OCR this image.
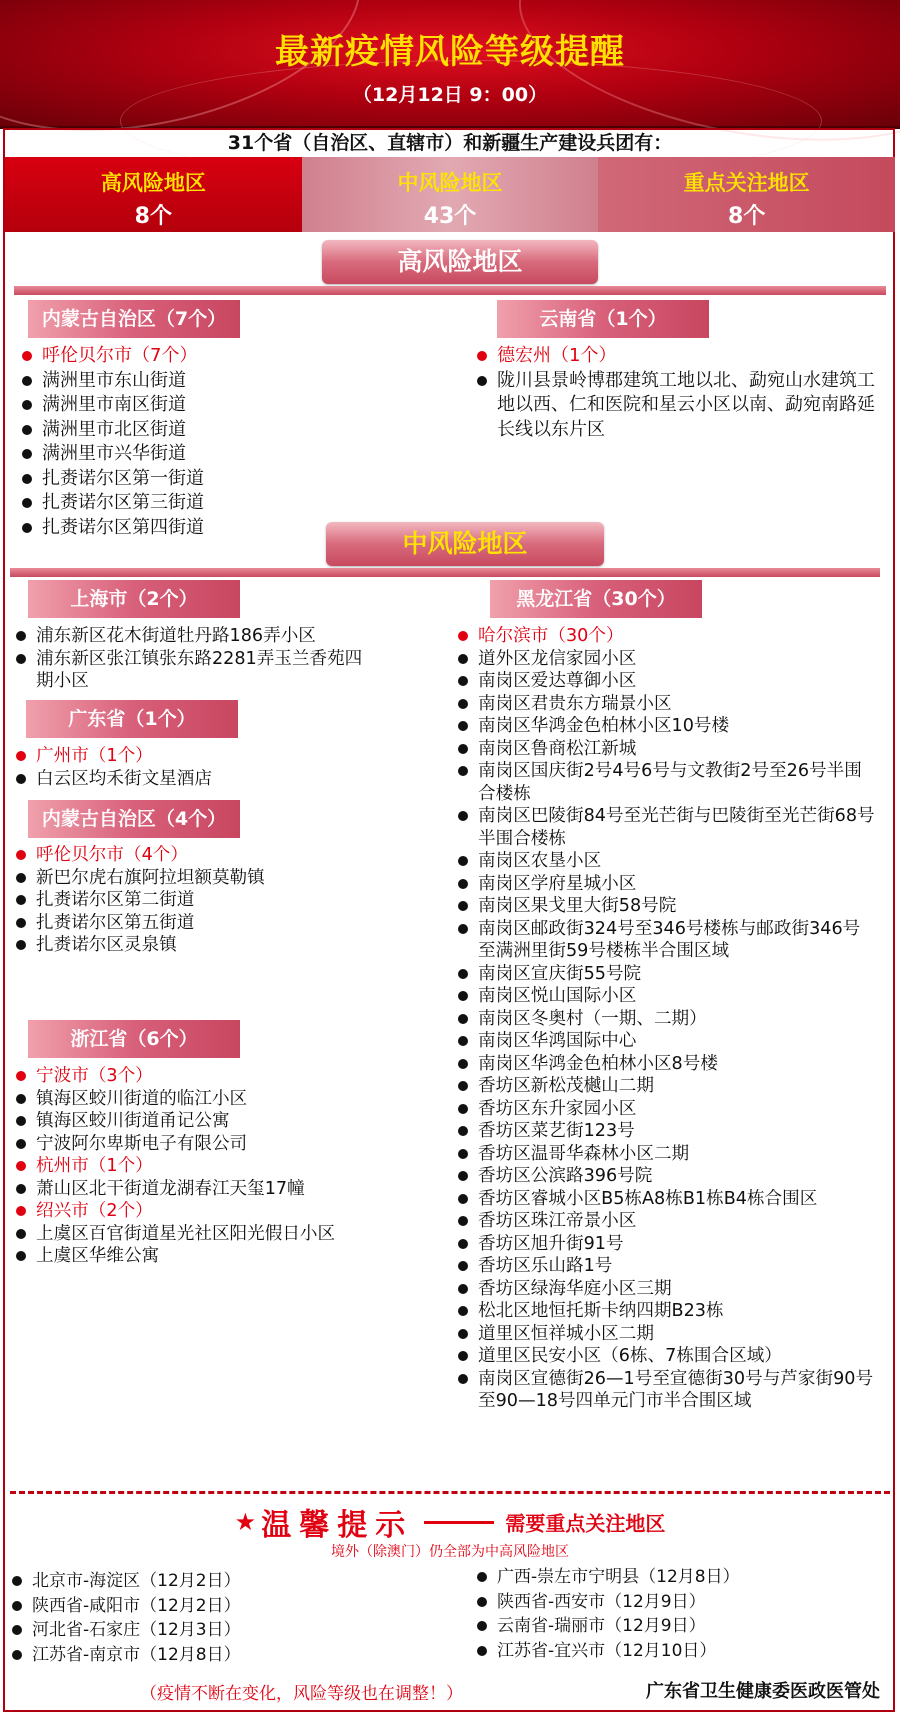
最新疫情风险等级提醒
（12月12日 9：00）
31个省（自治区、直辖市）和新疆生产建设兵团有：
高风险地区
8个
中风险地区
43个
重点关注地区
8个
高风险地区
内蒙古自治区（7个）
呼伦贝尔市（7个）
满洲里市东山街道
满洲里市南区街道
满洲里市北区街道
满洲里市兴华街道
扎赉诺尔区第一街道
扎赉诺尔区第三街道
扎赉诺尔区第四街道
云南省（1个）
德宏州（1个）
陇川县景岭博郡建筑工地以北、勐宛山水建筑工地以西、仁和医院和星云小区以南、勐宛南路延长线以东片区
中风险地区
上海市（2个）
浦东新区花木街道牡丹路186弄小区
浦东新区张江镇张东路2281弄玉兰香苑四期小区
广东省（1个）
广州市（1个）
白云区均禾街文星酒店
内蒙古自治区（4个）
呼伦贝尔市（4个）
新巴尔虎右旗阿拉坦额莫勒镇
扎赉诺尔区第二街道
扎赉诺尔区第五街道
扎赉诺尔区灵泉镇
浙江省（6个）
宁波市（3个）
镇海区蛟川街道的临江小区
镇海区蛟川街道甬记公寓
宁波阿尔卑斯电子有限公司
杭州市（1个）
萧山区北干街道龙湖春江天玺17幢
绍兴市（2个）
上虞区百官街道星光社区阳光假日小区
上虞区华维公寓
黑龙江省（30个）
哈尔滨市（30个）
道外区龙信家园小区
南岗区爱达尊御小区
南岗区君贵东方瑞景小区
南岗区华鸿金色柏林小区10号楼
南岗区鲁商松江新城
南岗区国庆街2号4号6号与文教街2号至26号半围合楼栋
南岗区巴陵街84号至光芒街与巴陵街至光芒街68号半围合楼栋
南岗区农垦小区
南岗区学府星城小区
南岗区果戈里大街58号院
南岗区邮政街324号至346号楼栋与邮政街346号至满洲里街59号楼栋半合围区域
南岗区宣庆街55号院
南岗区悦山国际小区
南岗区冬奥村（一期、二期）
南岗区华鸿国际中心
南岗区华鸿金色柏林小区8号楼
香坊区新松茂樾山二期
香坊区东升家园小区
香坊区菜艺街123号
香坊区温哥华森林小区二期
香坊区公滨路396号院
香坊区睿城小区B5栋A8栋B1栋B4栋合围区
香坊区珠江帝景小区
香坊区旭升街91号
香坊区乐山路1号
香坊区绿海华庭小区三期
松北区地恒托斯卡纳四期B23栋
道里区恒祥城小区二期
道里区民安小区（6栋、7栋围合区域）
南岗区宣德街26—1号至宣德街30号与芦家街90号至90—18号四单元门市半合围区域
★ 温馨提示	需要重点关注地区
境外（除澳门）仍全部为中高风险地区
北京市-海淀区（12月2日）
陕西省-咸阳市（12月2日）
河北省-石家庄（12月3日）
江苏省-南京市（12月8日）
广西-崇左市宁明县（12月8日）
陕西省-西安市（12月9日）
云南省-瑞丽市（12月9日）
江苏省-宜兴市（12月10日）
（疫情不断在变化，风险等级也在调整！）	广东省卫生健康委医政医管处
